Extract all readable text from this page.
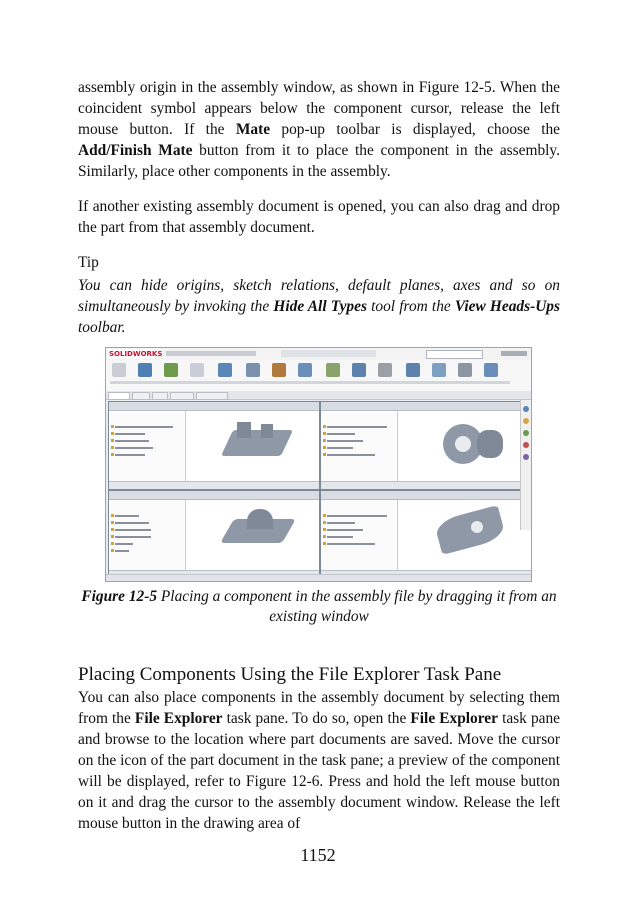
assembly origin in the assembly window, as shown in Figure 12-5. When the coincident symbol appears below the component cursor, release the left mouse button. If the Mate pop-up toolbar is displayed, choose the Add/Finish Mate button from it to place the component in the assembly. Similarly, place other components in the assembly.

If another existing assembly document is opened, you can also drag and drop the part from that assembly document.

Tip

You can hide origins, sketch relations, default planes, axes and so on simultaneously by invoking the Hide All Types tool from the View Heads-Ups toolbar.

SOLIDWORKS
Figure 12-5 Placing a component in the assembly file by dragging it from an existing window
Placing Components Using the File Explorer Task Pane

You can also place components in the assembly document by selecting them from the File Explorer task pane. To do so, open the File Explorer task pane and browse to the location where part documents are saved. Move the cursor on the icon of the part document in the task pane; a preview of the component will be displayed, refer to Figure 12-6. Press and hold the left mouse button on it and drag the cursor to the assembly document window. Release the left mouse button in the drawing area of

1152
